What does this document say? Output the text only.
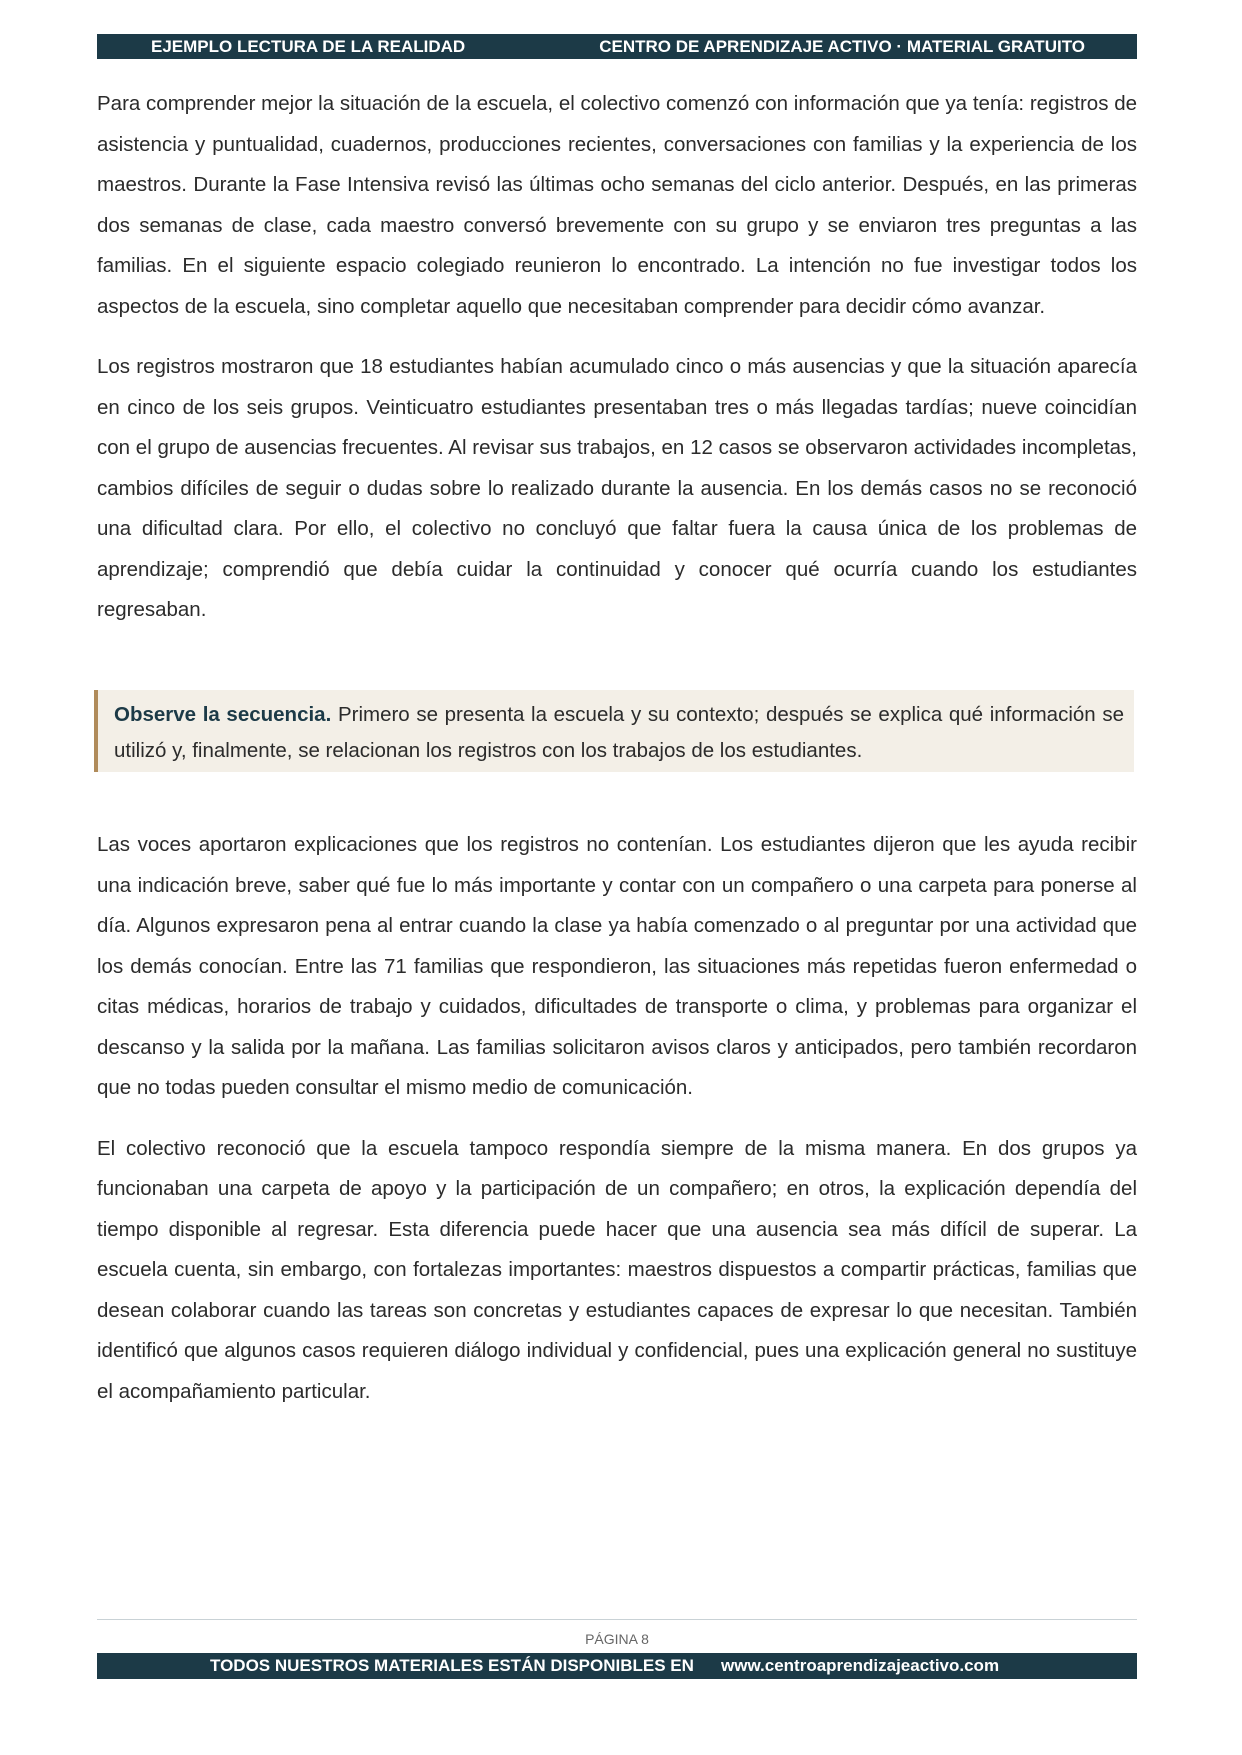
EJEMPLO LECTURA DE LA REALIDAD	CENTRO DE APRENDIZAJE ACTIVO · MATERIAL GRATUITO

Para comprender mejor la situación de la escuela, el colectivo comenzó con información que ya tenía: registros de asistencia y puntualidad, cuadernos, producciones recientes, conversaciones con familias y la experiencia de los maestros. Durante la Fase Intensiva revisó las últimas ocho semanas del ciclo anterior. Después, en las primeras dos semanas de clase, cada maestro conversó brevemente con su grupo y se enviaron tres preguntas a las familias. En el siguiente espacio colegiado reunieron lo encontrado. La intención no fue investigar todos los aspectos de la escuela, sino completar aquello que necesitaban comprender para decidir cómo avanzar.

Los registros mostraron que 18 estudiantes habían acumulado cinco o más ausencias y que la situación aparecía en cinco de los seis grupos. Veinticuatro estudiantes presentaban tres o más llegadas tardías; nueve coincidían con el grupo de ausencias frecuentes. Al revisar sus trabajos, en 12 casos se observaron actividades incompletas, cambios difíciles de seguir o dudas sobre lo realizado durante la ausencia. En los demás casos no se reconoció una dificultad clara. Por ello, el colectivo no concluyó que faltar fuera la causa única de los problemas de aprendizaje; comprendió que debía cuidar la continuidad y conocer qué ocurría cuando los estudiantes regresaban.

Observe la secuencia. Primero se presenta la escuela y su contexto; después se explica qué información se utilizó y, finalmente, se relacionan los registros con los trabajos de los estudiantes.

Las voces aportaron explicaciones que los registros no contenían. Los estudiantes dijeron que les ayuda recibir una indicación breve, saber qué fue lo más importante y contar con un compañero o una carpeta para ponerse al día. Algunos expresaron pena al entrar cuando la clase ya había comenzado o al preguntar por una actividad que los demás conocían. Entre las 71 familias que respondieron, las situaciones más repetidas fueron enfermedad o citas médicas, horarios de trabajo y cuidados, dificultades de transporte o clima, y problemas para organizar el descanso y la salida por la mañana. Las familias solicitaron avisos claros y anticipados, pero también recordaron que no todas pueden consultar el mismo medio de comunicación.

El colectivo reconoció que la escuela tampoco respondía siempre de la misma manera. En dos grupos ya funcionaban una carpeta de apoyo y la participación de un compañero; en otros, la explicación dependía del tiempo disponible al regresar. Esta diferencia puede hacer que una ausencia sea más difícil de superar. La escuela cuenta, sin embargo, con fortalezas importantes: maestros dispuestos a compartir prácticas, familias que desean colaborar cuando las tareas son concretas y estudiantes capaces de expresar lo que necesitan. También identificó que algunos casos requieren diálogo individual y confidencial, pues una explicación general no sustituye el acompañamiento particular.

PÁGINA 8
TODOS NUESTROS MATERIALES ESTÁN DISPONIBLES EN www.centroaprendizajeactivo.com
